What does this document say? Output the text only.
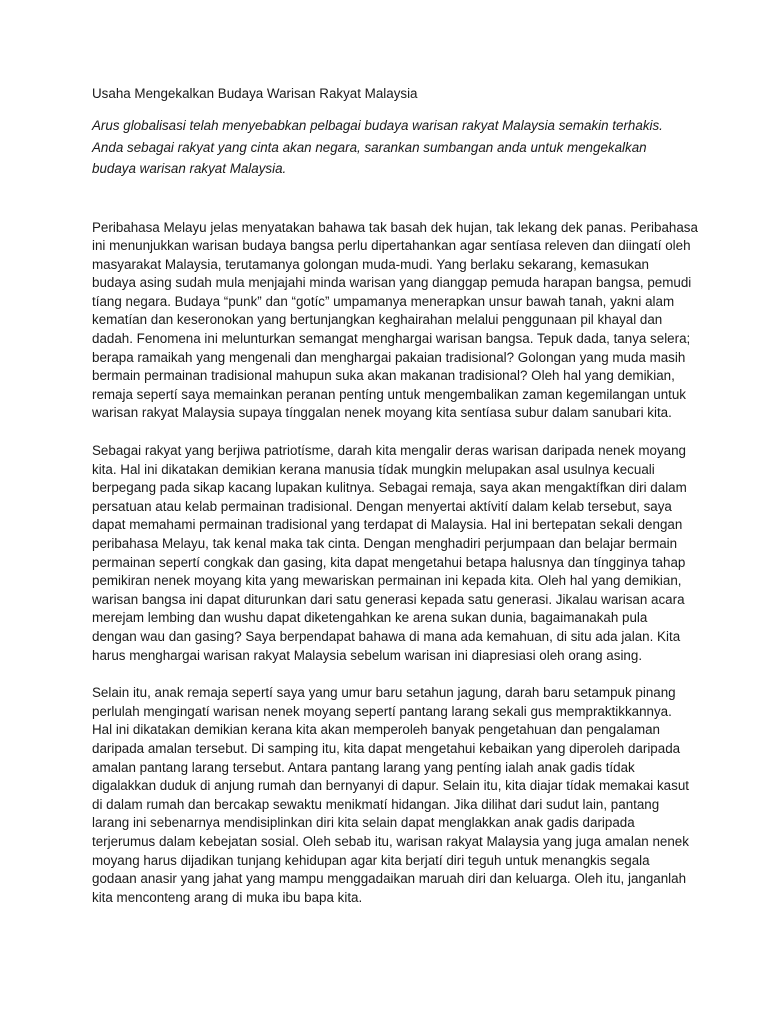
Usaha Mengekalkan Budaya Warisan Rakyat Malaysia
Arus globalisasi telah menyebabkan pelbagai budaya warisan rakyat Malaysia semakin terhakis.
Anda sebagai rakyat yang cinta akan negara, sarankan sumbangan anda untuk mengekalkan
budaya warisan rakyat Malaysia.
Peribahasa Melayu jelas menyatakan bahawa tak basah dek hujan, tak lekang dek panas. Peribahasa
ini menunjukkan warisan budaya bangsa perlu dipertahankan agar sentíasa releven dan diingatí oleh
masyarakat Malaysia, terutamanya golongan muda-mudi. Yang berlaku sekarang, kemasukan
budaya asing sudah mula menjajahi minda warisan yang dianggap pemuda harapan bangsa, pemudi
tíang negara. Budaya “punk” dan “gotíc” umpamanya menerapkan unsur bawah tanah, yakni alam
kematían dan keseronokan yang bertunjangkan keghairahan melalui penggunaan pil khayal dan
dadah. Fenomena ini melunturkan semangat menghargai warisan bangsa. Tepuk dada, tanya selera;
berapa ramaikah yang mengenali dan menghargai pakaian tradisional? Golongan yang muda masih
bermain permainan tradisional mahupun suka akan makanan tradisional? Oleh hal yang demikian,
remaja sepertí saya memainkan peranan pentíng untuk mengembalikan zaman kegemilangan untuk
warisan rakyat Malaysia supaya tínggalan nenek moyang kita sentíasa subur dalam sanubari kita.
Sebagai rakyat yang berjiwa patriotísme, darah kita mengalir deras warisan daripada nenek moyang
kita. Hal ini dikatakan demikian kerana manusia tídak mungkin melupakan asal usulnya kecuali
berpegang pada sikap kacang lupakan kulitnya. Sebagai remaja, saya akan mengaktífkan diri dalam
persatuan atau kelab permainan tradisional. Dengan menyertai aktívití dalam kelab tersebut, saya
dapat memahami permainan tradisional yang terdapat di Malaysia. Hal ini bertepatan sekali dengan
peribahasa Melayu, tak kenal maka tak cinta. Dengan menghadiri perjumpaan dan belajar bermain
permainan sepertí congkak dan gasing, kita dapat mengetahui betapa halusnya dan tíngginya tahap
pemikiran nenek moyang kita yang mewariskan permainan ini kepada kita. Oleh hal yang demikian,
warisan bangsa ini dapat diturunkan dari satu generasi kepada satu generasi. Jikalau warisan acara
merejam lembing dan wushu dapat diketengahkan ke arena sukan dunia, bagaimanakah pula
dengan wau dan gasing? Saya berpendapat bahawa di mana ada kemahuan, di situ ada jalan. Kita
harus menghargai warisan rakyat Malaysia sebelum warisan ini diapresiasi oleh orang asing.
Selain itu, anak remaja sepertí saya yang umur baru setahun jagung, darah baru setampuk pinang
perlulah mengingatí warisan nenek moyang sepertí pantang larang sekali gus mempraktikkannya.
Hal ini dikatakan demikian kerana kita akan memperoleh banyak pengetahuan dan pengalaman
daripada amalan tersebut. Di samping itu, kita dapat mengetahui kebaikan yang diperoleh daripada
amalan pantang larang tersebut. Antara pantang larang yang pentíng ialah anak gadis tídak
digalakkan duduk di anjung rumah dan bernyanyi di dapur. Selain itu, kita diajar tídak memakai kasut
di dalam rumah dan bercakap sewaktu menikmatí hidangan. Jika dilihat dari sudut lain, pantang
larang ini sebenarnya mendisiplinkan diri kita selain dapat menglakkan anak gadis daripada
terjerumus dalam kebejatan sosial. Oleh sebab itu, warisan rakyat Malaysia yang juga amalan nenek
moyang harus dijadikan tunjang kehidupan agar kita berjatí diri teguh untuk menangkis segala
godaan anasir yang jahat yang mampu menggadaikan maruah diri dan keluarga. Oleh itu, janganlah
kita menconteng arang di muka ibu bapa kita.
